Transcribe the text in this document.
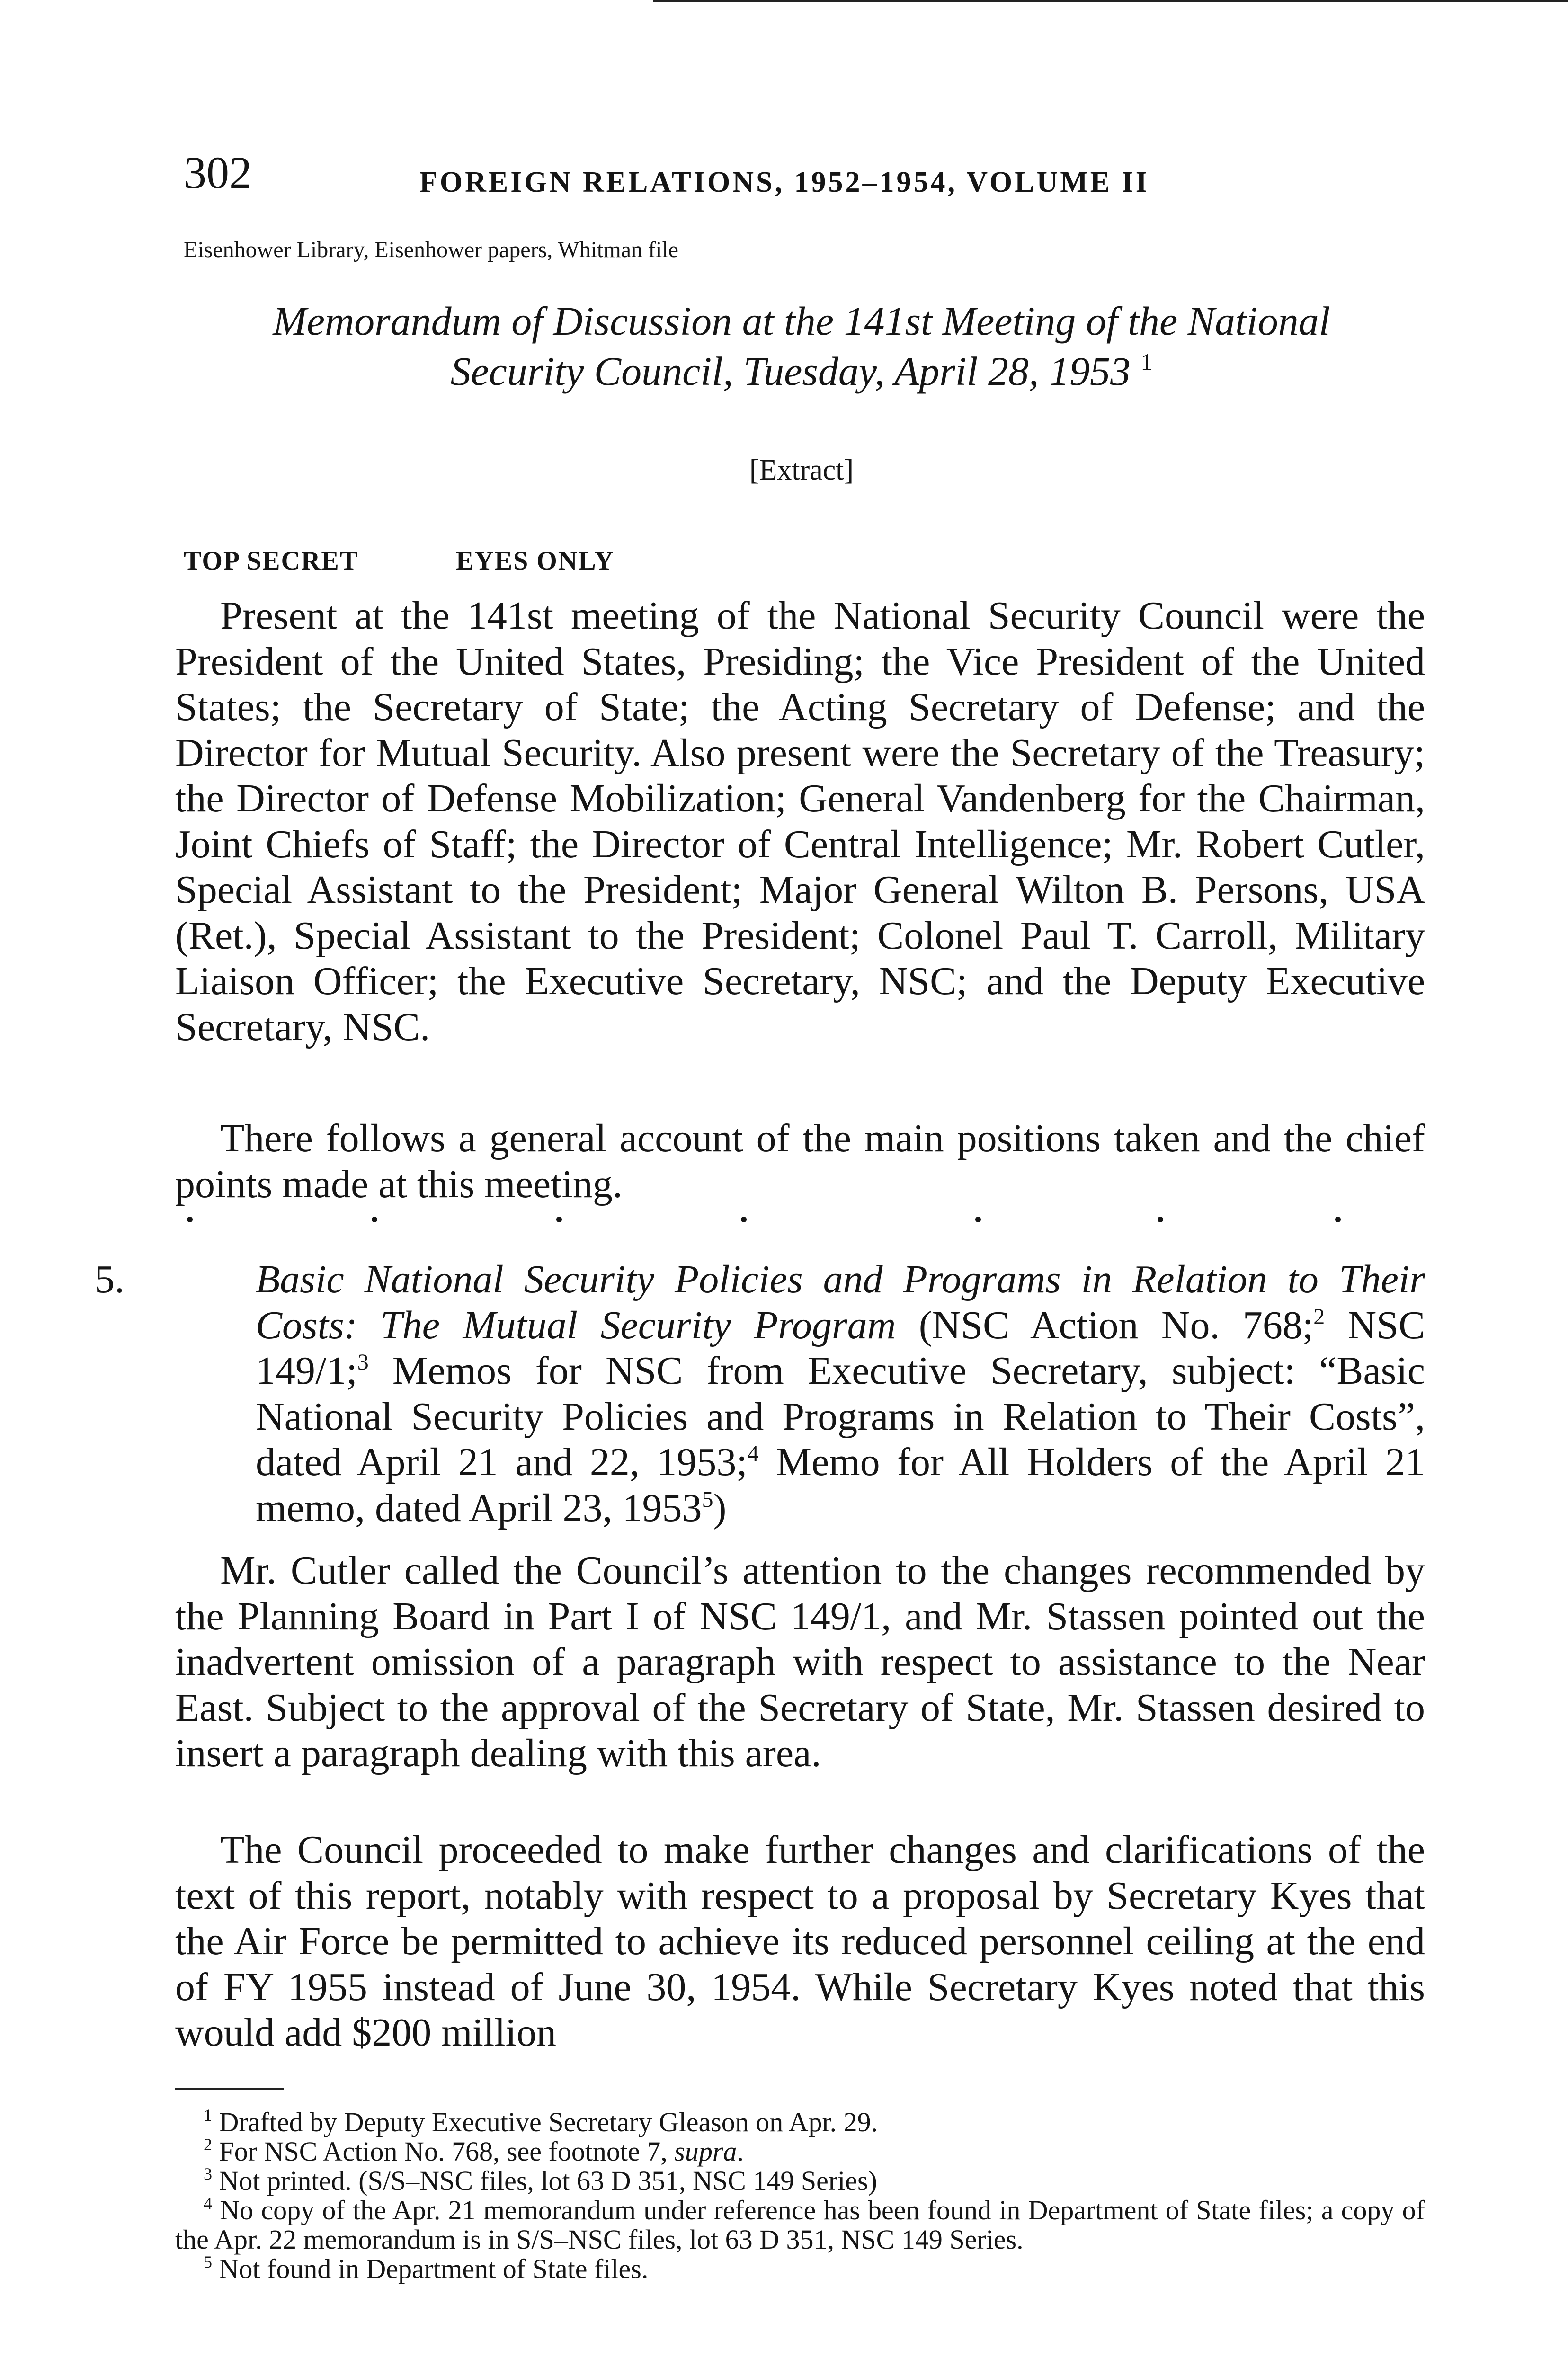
302	FOREIGN RELATIONS, 1952–1954, VOLUME II
Eisenhower Library, Eisenhower papers, Whitman file
Memorandum of Discussion at the 141st Meeting of the National
Security Council, Tuesday, April 28, 1953 $^1$
[Extract]
TOP SECRET	EYES ONLY

Present at the 141st meeting of the National Security Council were the President of the United States, Presiding; the Vice President of the United States; the Secretary of State; the Acting Secretary of Defense; and the Director for Mutual Security. Also present were the Secretary of the Treasury; the Director of Defense Mobilization; General Vandenberg for the Chairman, Joint Chiefs of Staff; the Director of Central Intelligence; Mr. Robert Cutler, Special Assistant to the President; Major General Wilton B. Persons, USA (Ret.), Special Assistant to the President; Colonel Paul T. Carroll, Military Liaison Officer; the Executive Secretary, NSC; and the Deputy Executive Secretary, NSC.

There follows a general account of the main positions taken and the chief points made at this meeting.

5.	Basic National Security Policies and Programs in Relation to Their Costs: The Mutual Security Program (NSC Action No. 768;$^2$ NSC 149/1;$^3$ Memos for NSC from Executive Secretary, subject: “Basic National Security Policies and Programs in Relation to Their Costs”, dated April 21 and 22, 1953;$^4$ Memo for All Holders of the April 21 memo, dated April 23, 1953$^5$)

Mr. Cutler called the Council’s attention to the changes recommended by the Planning Board in Part I of NSC 149/1, and Mr. Stassen pointed out the inadvertent omission of a paragraph with respect to assistance to the Near East. Subject to the approval of the Secretary of State, Mr. Stassen desired to insert a paragraph dealing with this area.

The Council proceeded to make further changes and clarifications of the text of this report, notably with respect to a proposal by Secretary Kyes that the Air Force be permitted to achieve its reduced personnel ceiling at the end of FY 1955 instead of June 30, 1954. While Secretary Kyes noted that this would add $200 million

$^1$ Drafted by Deputy Executive Secretary Gleason on Apr. 29.

$^2$ For NSC Action No. 768, see footnote 7, supra.

$^3$ Not printed. (S/S–NSC files, lot 63 D 351, NSC 149 Series)

$^4$ No copy of the Apr. 21 memorandum under reference has been found in Department of State files; a copy of the Apr. 22 memorandum is in S/S–NSC files, lot 63 D 351, NSC 149 Series.

$^5$ Not found in Department of State files.
